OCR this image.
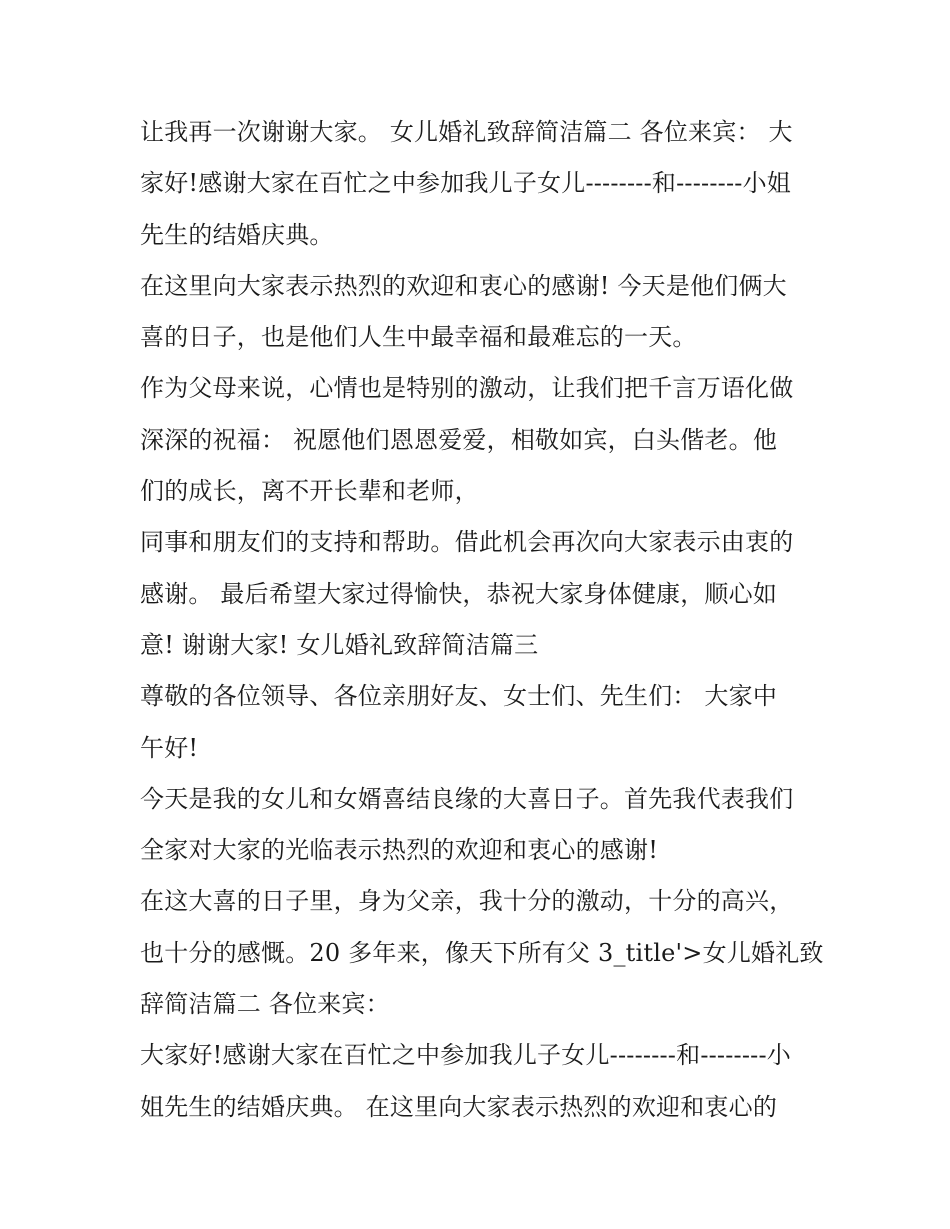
让我再一次谢谢大家。 女儿婚礼致辞简洁篇二 各位来宾： 大
家好!感谢大家在百忙之中参加我儿子女儿--------和--------小姐
先生的结婚庆典。
在这里向大家表示热烈的欢迎和衷心的感谢! 今天是他们俩大
喜的日子，也是他们人生中最幸福和最难忘的一天。
作为父母来说，心情也是特别的激动，让我们把千言万语化做
深深的祝福： 祝愿他们恩恩爱爱，相敬如宾，白头偕老。他
们的成长，离不开长辈和老师，
同事和朋友们的支持和帮助。借此机会再次向大家表示由衷的
感谢。 最后希望大家过得愉快，恭祝大家身体健康，顺心如
意! 谢谢大家! 女儿婚礼致辞简洁篇三
尊敬的各位领导、各位亲朋好友、女士们、先生们： 大家中
午好!
今天是我的女儿和女婿喜结良缘的大喜日子。首先我代表我们
全家对大家的光临表示热烈的欢迎和衷心的感谢!
在这大喜的日子里，身为父亲，我十分的激动，十分的高兴，
也十分的感慨。20 多年来，像天下所有父 3_title'>女儿婚礼致
辞简洁篇二 各位来宾：
大家好!感谢大家在百忙之中参加我儿子女儿--------和--------小
姐先生的结婚庆典。 在这里向大家表示热烈的欢迎和衷心的
